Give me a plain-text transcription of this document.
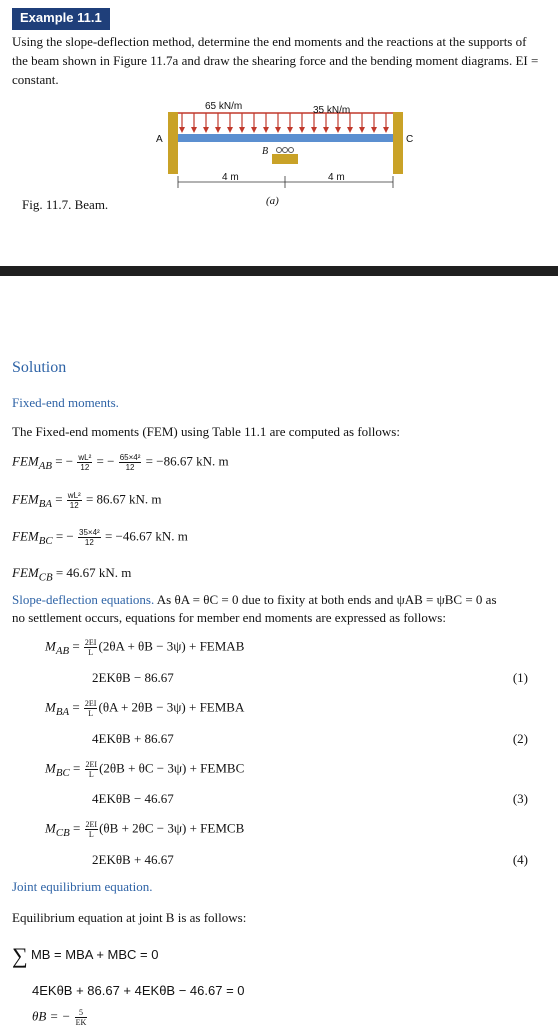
Example 11.1
Using the slope-deflection method, determine the end moments and the reactions at the supports of the beam shown in Figure 11.7a and draw the shearing force and the bending moment diagrams. EI = constant.
65 kN/m	35 kN/m
A
B
C
4 m	4 m
(a)
Fig. 11.7. Beam.
Solution
Fixed-end moments.
The Fixed-end moments (FEM) using Table 11.1 are computed as follows:
$FEM_{AB}$ = − $\frac{\text{wL²}}{12}$ = − $\frac{\text{65×4²}}{12} = -86.67$ kN. m
$FEM_{BA} = \frac{\text{wL²}}{12} = 86.67$ kN. m
$FEM_{BC}$ = − $\frac{\text{35×4²}}{12} = -46.67$ kN. m
$FEM_{CB} = 46.67$ kN. m
Slope-deflection equations. As θA = θC = 0 due to fixity at both ends and ψAB = ψBC = 0 as
no settlement occurs, equations for member end moments are expressed as follows:
$M_{AB} = \frac{2EI}{L} (2\theta A + \theta B - 3\psi)$ + FEMAB
2EKθB − 86.67	(1)
$M_{BA} = \frac{2EI}{L} (\theta A + 2\theta B - 3\psi)$ + FEMBA
4EKθB + 86.67	(2)
$M_{BC} = \frac{2EI}{L} (2\theta B + \theta C - 3\psi)$ + FEMBC
4EKθB − 46.67	(3)
$M_{CB} = \frac{2EI}{L} (\theta B + 2\theta C - 3\psi)$ + FEMCB
2EKθB + 46.67	(4)
Joint equilibrium equation.
Equilibrium equation at joint B is as follows:
∑ MB = MBA + MBC = 0
4EKθB + 86.67 + 4EKθB − 46.67 = 0
θB = − $\frac{5}{EK}$
